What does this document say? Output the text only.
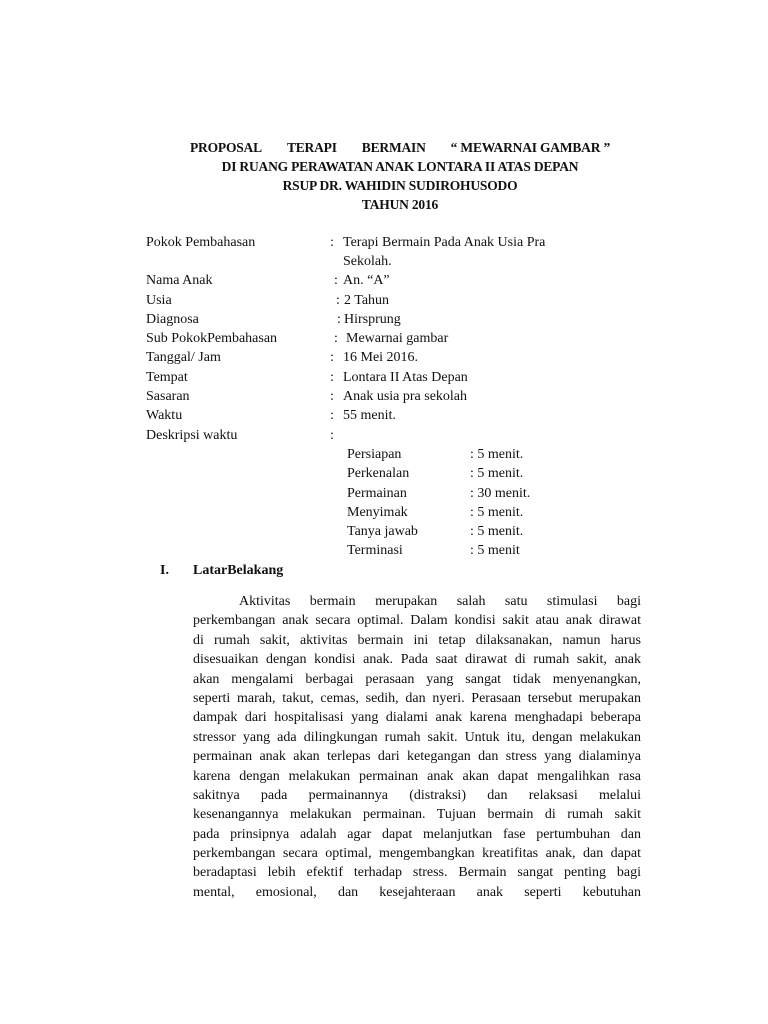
PROPOSAL TERAPI BERMAIN “ MEWARNAI GAMBAR ”
DI RUANG PERAWATAN ANAK LONTARA II ATAS DEPAN
RSUP DR. WAHIDIN SUDIROHUSODO
TAHUN 2016
Pokok Pembahasan	: Terapi Bermain Pada Anak Usia Pra
Sekolah.
Nama Anak	: An. “A”
Usia	: 2 Tahun
Diagnosa	: Hirsprung
Sub PokokPembahasan	: Mewarnai gambar
Tanggal/ Jam	: 16 Mei 2016.
Tempat	: Lontara II Atas Depan
Sasaran	: Anak usia pra sekolah
Waktu	: 55 menit.
Deskripsi waktu	:
Persiapan	: 5 menit.
Perkenalan	: 5 menit.
Permainan	: 30 menit.
Menyimak	: 5 menit.
Tanya jawab	: 5 menit.
Terminasi	: 5 menit
I. LatarBelakang
Aktivitas bermain merupakan salah satu stimulasi bagi
perkembangan anak secara optimal. Dalam kondisi sakit atau anak dirawat
di rumah sakit, aktivitas bermain ini tetap dilaksanakan, namun harus
disesuaikan dengan kondisi anak. Pada saat dirawat di rumah sakit, anak
akan mengalami berbagai perasaan yang sangat tidak menyenangkan,
seperti marah, takut, cemas, sedih, dan nyeri. Perasaan tersebut merupakan
dampak dari hospitalisasi yang dialami anak karena menghadapi beberapa
stressor yang ada dilingkungan rumah sakit. Untuk itu, dengan melakukan
permainan anak akan terlepas dari ketegangan dan stress yang dialaminya
karena dengan melakukan permainan anak akan dapat mengalihkan rasa
sakitnya pada permainannya (distraksi) dan relaksasi melalui
kesenangannya melakukan permainan. Tujuan bermain di rumah sakit
pada prinsipnya adalah agar dapat melanjutkan fase pertumbuhan dan
perkembangan secara optimal, mengembangkan kreatifitas anak, dan dapat
beradaptasi lebih efektif terhadap stress. Bermain sangat penting bagi
mental, emosional, dan kesejahteraan anak seperti kebutuhan
